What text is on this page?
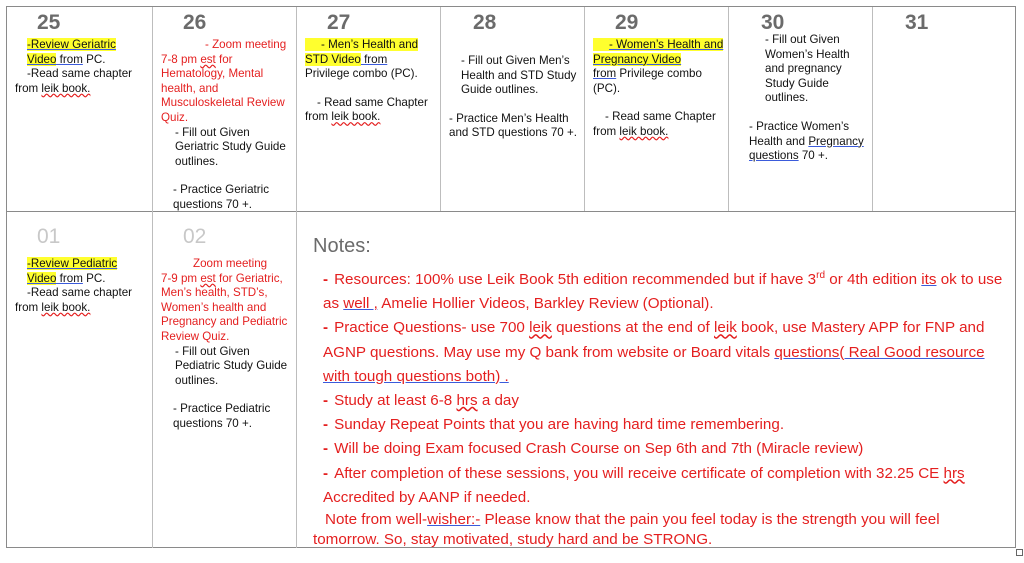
25

-Review Geriatric Video from PC.

-Read same chapter

from leik book.

26

- Zoom meeting

7-8 pm est for Hematology, Mental health, and Musculoskeletal Review Quiz.

- Fill out Given Geriatric Study Guide outlines.

- Practice Geriatric questions 70 +.

27

- Men’s Health and STD Video from

Privilege combo (PC).

- Read same Chapter

from leik book.

28

- Fill out Given Men’s Health and STD Study Guide outlines.

- Practice Men’s Health and STD questions 70 +.

29

- Women’s Health and Pregnancy Video

from Privilege combo (PC).

- Read same Chapter

from leik book.

30

- Fill out Given Women’s Health and pregnancy Study Guide outlines.

- Practice Women’s Health and Pregnancy questions 70 +.

31
01

-Review Pediatric Video from PC.

-Read same chapter

from leik book.

02

Zoom meeting

7-9 pm est for Geriatric, Men’s health, STD’s, Women’s health and Pregnancy and Pediatric Review Quiz.

- Fill out Given Pediatric Study Guide outlines.

- Practice Pediatric questions 70 +.

Notes:

- Resources: 100% use Leik Book 5th edition recommended but if have 3rd or 4th edition its ok to use as well , Amelie Hollier Videos, Barkley Review (Optional).

- Practice Questions- use 700 leik questions at the end of leik book, use Mastery APP for FNP and AGNP questions. May use my Q bank from website or Board vitals questions( Real Good resource with tough questions both) .

- Study at least 6-8 hrs a day

- Sunday Repeat Points that you are having hard time remembering.

- Will be doing Exam focused Crash Course on Sep 6th and 7th (Miracle review)

- After completion of these sessions, you will receive certificate of completion with 32.25 CE hrs Accredited by AANP if needed.

Note from well-wisher:- Please know that the pain you feel today is the strength you will feel tomorrow. So, stay motivated, study hard and be STRONG.
